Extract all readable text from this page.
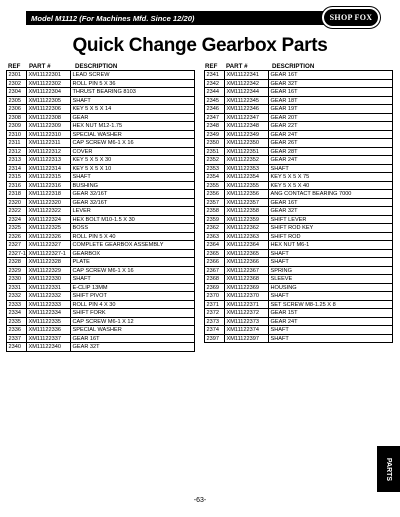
Model M1112 (For Machines Mfd. Since 12/20)	SHOP FOX
Quick Change Gearbox Parts
REF PART #	DESCRIPTION	REF PART #	DESCRIPTION
2301	XM11122301	LEAD SCREW
2302	XM11122302	ROLL PIN 5 X 36
2304	XM11122304	THRUST BEARING 8103
2305	XM11122305	SHAFT
2306	XM11122306	KEY 5 X 5 X 14
2308	XM11122308	GEAR
2309	XM11122309	HEX NUT M12-1.75
2310	XM11122310	SPECIAL WASHER
2311	XM11122311	CAP SCREW M6-1 X 16
2312	XM11122312	COVER
2313	XM11122313	KEY 5 X 5 X 30
2314	XM11122314	KEY 5 X 5 X 10
2315	XM11122315	SHAFT
2316	XM11122316	BUSHING
2318	XM11122318	GEAR 32/16T
2320	XM11122320	GEAR 32/16T
2322	XM11122322	LEVER
2324	XM11122324	HEX BOLT M10-1.5 X 30
2325	XM11122325	BOSS
2326	XM11122326	ROLL PIN 5 X 40
2327	XM11122327	COMPLETE GEARBOX ASSEMBLY
2327-1 XM11122327-1	GEARBOX
2328	XM11122328	PLATE
2329	XM11122329	CAP SCREW M6-1 X 16
2330	XM11122330	SHAFT
2331	XM11122331	E-CLIP 13MM
2332	XM11122332	SHIFT PIVOT
2333	XM11122333	ROLL PIN 4 X 30
2334	XM11122334	SHIFT FORK
2335	XM11122335	CAP SCREW M6-1 X 12
2336	XM11122336	SPECIAL WASHER
2337	XM11122337	GEAR 16T
2340	XM11122340	GEAR 32T
2341	XM11122341	GEAR 16T
2342	XM11122342	GEAR 32T
2344	XM11122344	GEAR 16T
2345	XM11122345	GEAR 18T
2346	XM11122346	GEAR 19T
2347	XM11122347	GEAR 20T
2348	XM11122348	GEAR 22T
2349	XM11122349	GEAR 24T
2350	XM11122350	GEAR 26T
2351	XM11122351	GEAR 28T
2352	XM11122352	GEAR 24T
2353	XM11122353	SHAFT
2354	XM11122354	KEY 5 X 5 X 75
2355	XM11122355	KEY 5 X 5 X 40
2356	XM11122356	ANG CONTACT BEARING 7000
2357	XM11122357	GEAR 16T
2358	XM11122358	GEAR 32T
2359	XM11122359	SHIFT LEVER
2362	XM11122362	SHIFT ROD KEY
2363	XM11122363	SHIFT ROD
2364	XM11122364	HEX NUT M6-1
2365	XM11122365	SHAFT
2366	XM11122366	SHAFT
2367	XM11122367	SPRING
2368	XM11122368	SLEEVE
2369	XM11122369	HOUSING
2370	XM11122370	SHAFT
2371	XM11122371	SET SCREW M8-1.25 X 8
2372	XM11122372	GEAR 15T
2373	XM11122373	GEAR 24T
2374	XM11122374	SHAFT
2397	XM11122397	SHAFT
PARTS
-63-
